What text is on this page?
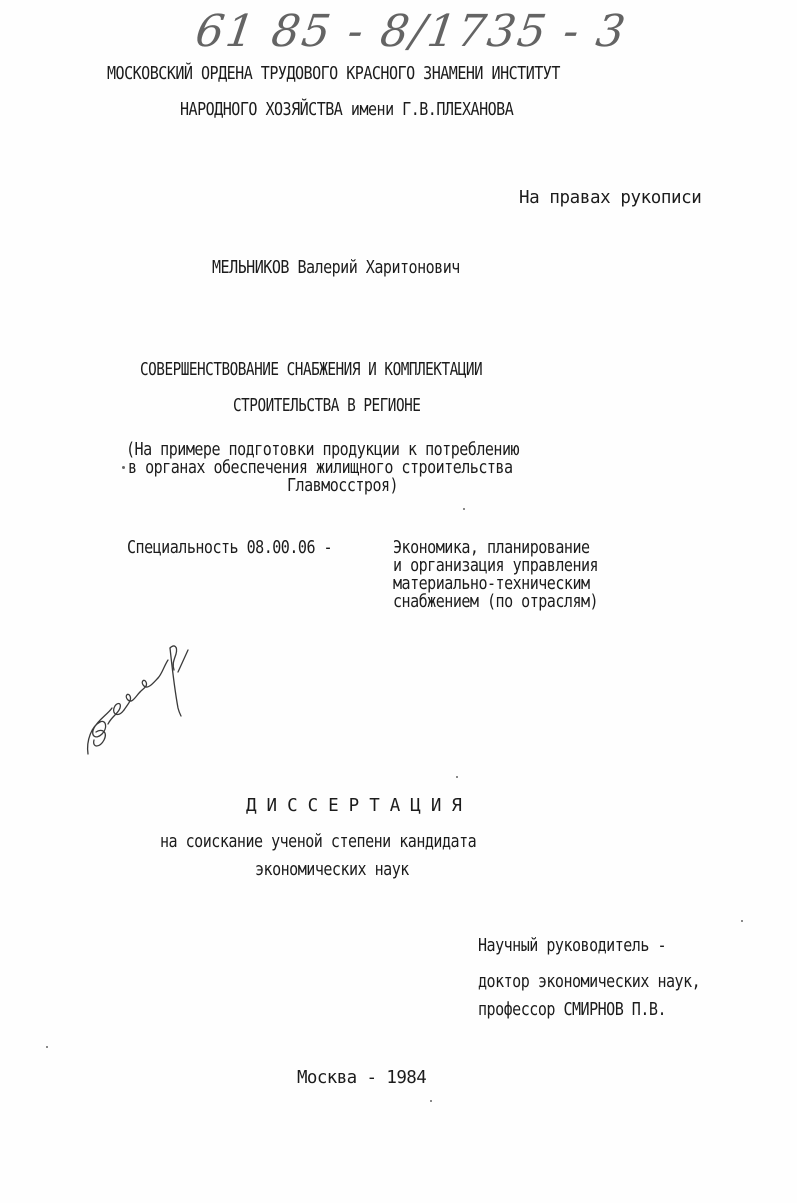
61 85 - 8/1735 - 3
МОСКОВСКИЙ ОРДЕНА ТРУДОВОГО КРАСНОГО ЗНАМЕНИ ИНСТИТУТ
НАРОДНОГО ХОЗЯЙСТВА имени Г.В.ПЛЕХАНОВА
На правах рукописи
МЕЛЬНИКОВ Валерий Харитонович
СОВЕРШЕНСТВОВАНИЕ СНАБЖЕНИЯ И КОМПЛЕКТАЦИИ
СТРОИТЕЛЬСТВА В РЕГИОНЕ
(На примере подготовки продукции к потреблению
в органах обеспечения жилищного строительства
Главмосстроя)
Специальность 08.00.06 -	Экономика, планирование
и организация управления
материально-техническим
снабжением (по отраслям)
ДИССЕРТАЦИЯ
на соискание ученой степени кандидата
экономических наук
Научный руководитель -
доктор экономических наук,
профессор СМИРНОВ П.В.
Москва - 1984
